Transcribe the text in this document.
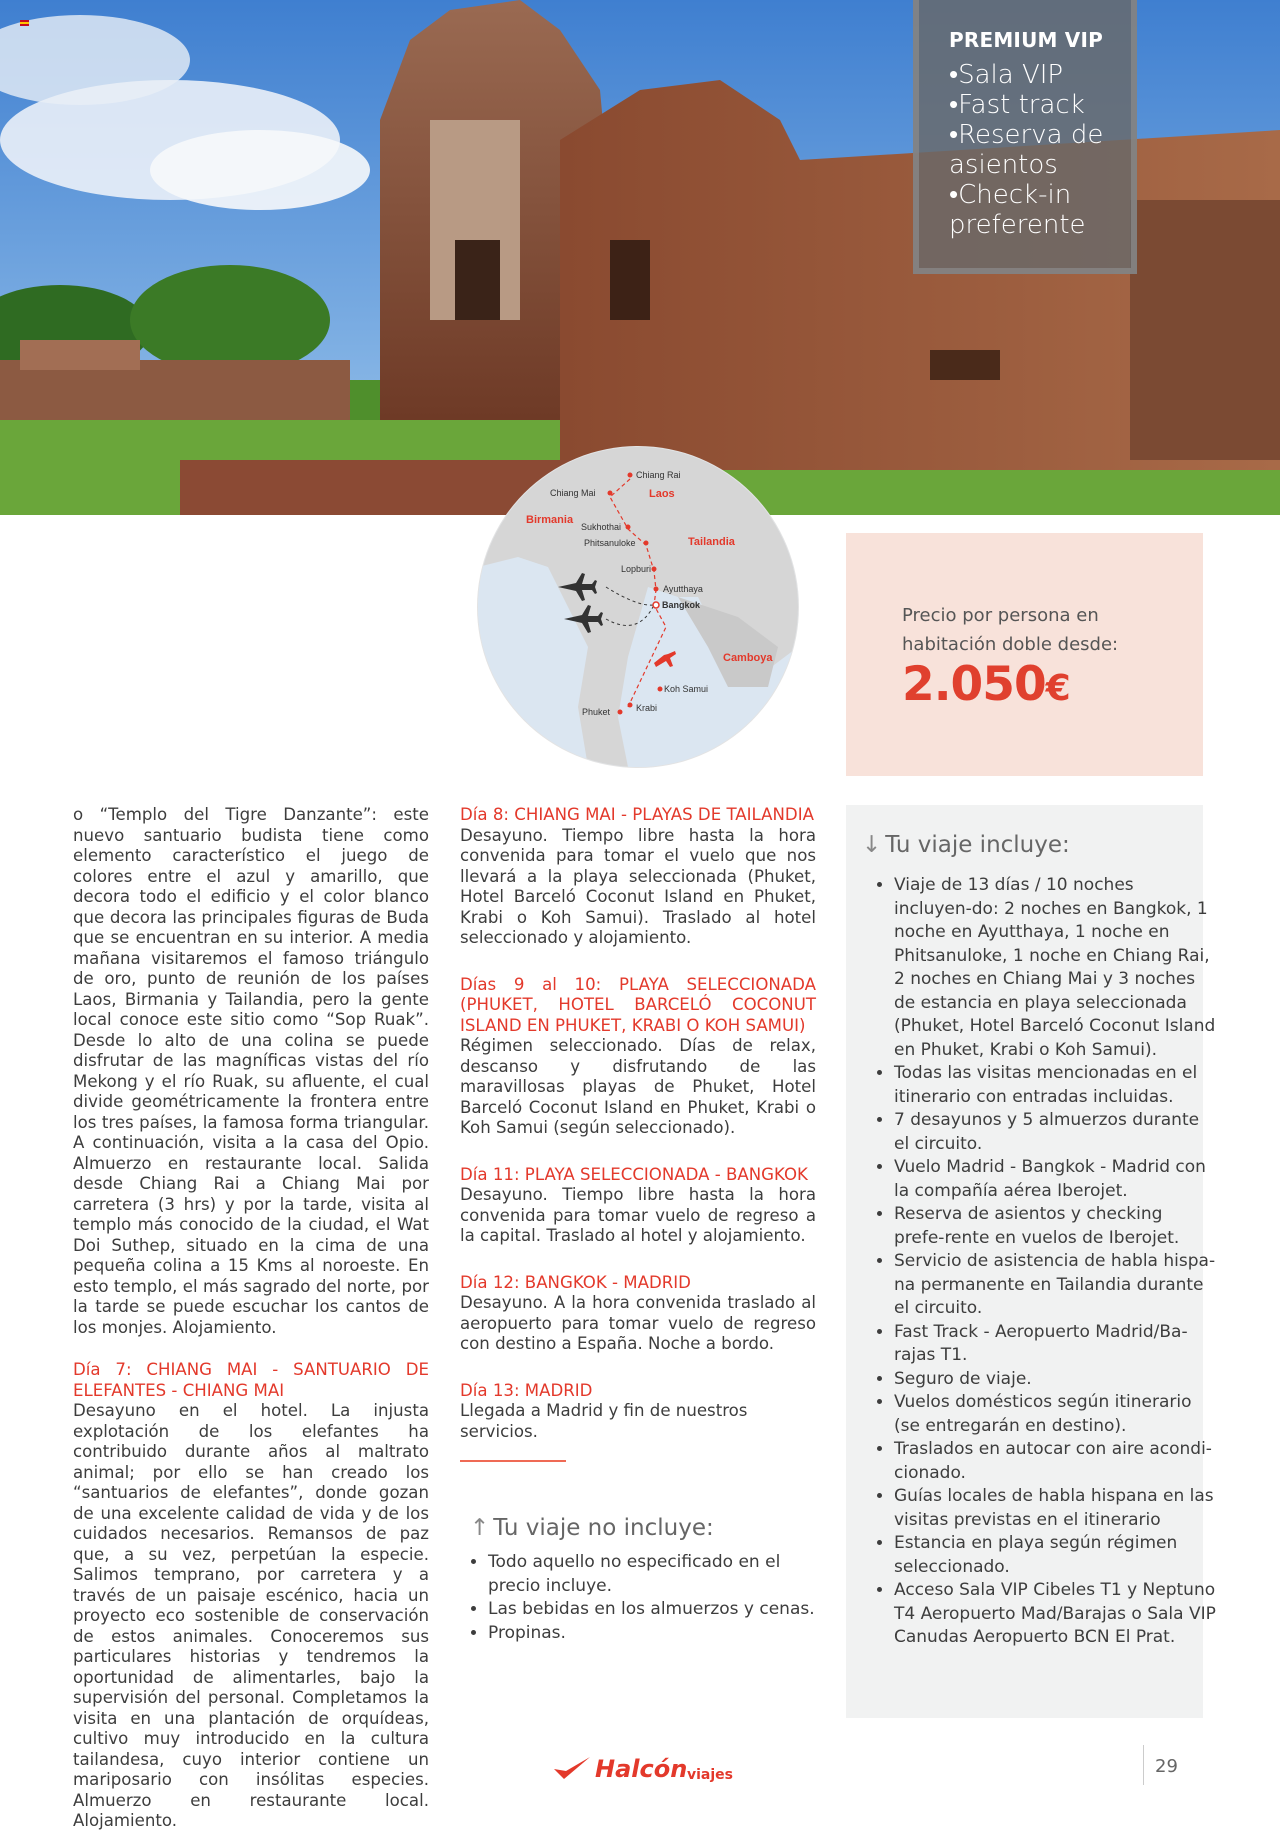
PREMIUM VIP
•Sala VIP
•Fast track
•Reserva de asientos
•Check-in preferente
Laos
Birmania
Tailandia
Camboya
Chiang Rai
Chiang Mai
Sukhothai
Phitsanuloke
Lopburi
Ayutthaya
Bangkok
Koh Samui
Phuket	Krabi
Precio por persona en habitación doble desde:
2.050€

o “Templo del Tigre Danzante”: este nuevo santuario budista tiene como elemento característico el juego de colores entre el azul y amarillo, que decora todo el edificio y el color blanco que decora las principales figuras de Buda que se encuentran en su interior. A media mañana visitaremos el famoso triángulo de oro, punto de reunión de los países Laos, Birmania y Tailandia, pero la gente local conoce este sitio como “Sop Ruak”. Desde lo alto de una colina se puede disfrutar de las magníficas vistas del río Mekong y el río Ruak, su afluente, el cual divide geométricamente la frontera entre los tres países, la famosa forma triangular. A continuación, visita a la casa del Opio. Almuerzo en restaurante local. Salida desde Chiang Rai a Chiang Mai por carretera (3 hrs) y por la tarde, visita al templo más conocido de la ciudad, el Wat Doi Suthep, situado en la cima de una pequeña colina a 15 Kms al noroeste. En esto templo, el más sagrado del norte, por la tarde se puede escuchar los cantos de los monjes. Alojamiento.

Día 7: CHIANG MAI - SANTUARIO DE ELEFANTES - CHIANG MAI

Desayuno en el hotel. La injusta explotación de los elefantes ha contribuido durante años al maltrato animal; por ello se han creado los “santuarios de elefantes”, donde gozan de una excelente calidad de vida y de los cuidados necesarios. Remansos de paz que, a su vez, perpetúan la especie. Salimos temprano, por carretera y a través de un paisaje escénico, hacia un proyecto eco sostenible de conservación de estos animales. Conoceremos sus particulares historias y tendremos la oportunidad de alimentarles, bajo la supervisión del personal. Completamos la visita en una plantación de orquídeas, cultivo muy introducido en la cultura tailandesa, cuyo interior contiene un mariposario con insólitas especies. Almuerzo en restaurante local. Alojamiento.

Día 8: CHIANG MAI - PLAYAS DE TAILANDIA

Desayuno. Tiempo libre hasta la hora convenida para tomar el vuelo que nos llevará a la playa seleccionada (Phuket, Hotel Barceló Coconut Island en Phuket, Krabi o Koh Samui). Traslado al hotel seleccionado y alojamiento.

Días 9 al 10: PLAYA SELECCIONADA (PHUKET, HOTEL BARCELÓ COCONUT ISLAND EN PHUKET, KRABI O KOH SAMUI)

Régimen seleccionado. Días de relax, descanso y disfrutando de las maravillosas playas de Phuket, Hotel Barceló Coconut Island en Phuket, Krabi o Koh Samui (según seleccionado).

Día 11: PLAYA SELECCIONADA - BANGKOK

Desayuno. Tiempo libre hasta la hora convenida para tomar vuelo de regreso a la capital. Traslado al hotel y alojamiento.

Día 12: BANGKOK - MADRID

Desayuno. A la hora convenida traslado al aeropuerto para tomar vuelo de regreso con destino a España. Noche a bordo.

Día 13: MADRID

Llegada a Madrid y fin de nuestros servicios.

↑ Tu viaje no incluye:
• Todo aquello no especificado en el precio incluye.
• Las bebidas en los almuerzos y cenas.
• Propinas.
↓ Tu viaje incluye:
• Viaje de 13 días / 10 noches incluyen-do: 2 noches en Bangkok, 1 noche en Ayutthaya, 1 noche en Phitsanuloke, 1 noche en Chiang Rai, 2 noches en Chiang Mai y 3 noches de estancia en playa seleccionada (Phuket, Hotel Barceló Coconut Island en Phuket, Krabi o Koh Samui).
• Todas las visitas mencionadas en el itinerario con entradas incluidas.
• 7 desayunos y 5 almuerzos durante el circuito.
• Vuelo Madrid - Bangkok - Madrid con la compañía aérea Iberojet.
• Reserva de asientos y checking prefe-rente en vuelos de Iberojet.
• Servicio de asistencia de habla hispa-na permanente en Tailandia durante el circuito.
• Fast Track - Aeropuerto Madrid/Ba-rajas T1.
• Seguro de viaje.
• Vuelos domésticos según itinerario (se entregarán en destino).
• Traslados en autocar con aire acondi-cionado.
• Guías locales de habla hispana en las visitas previstas en el itinerario
• Estancia en playa según régimen seleccionado.
• Acceso Sala VIP Cibeles T1 y Neptuno T4 Aeropuerto Mad/Barajas o Sala VIP Canudas Aeropuerto BCN El Prat.
Halcón viajes	29
